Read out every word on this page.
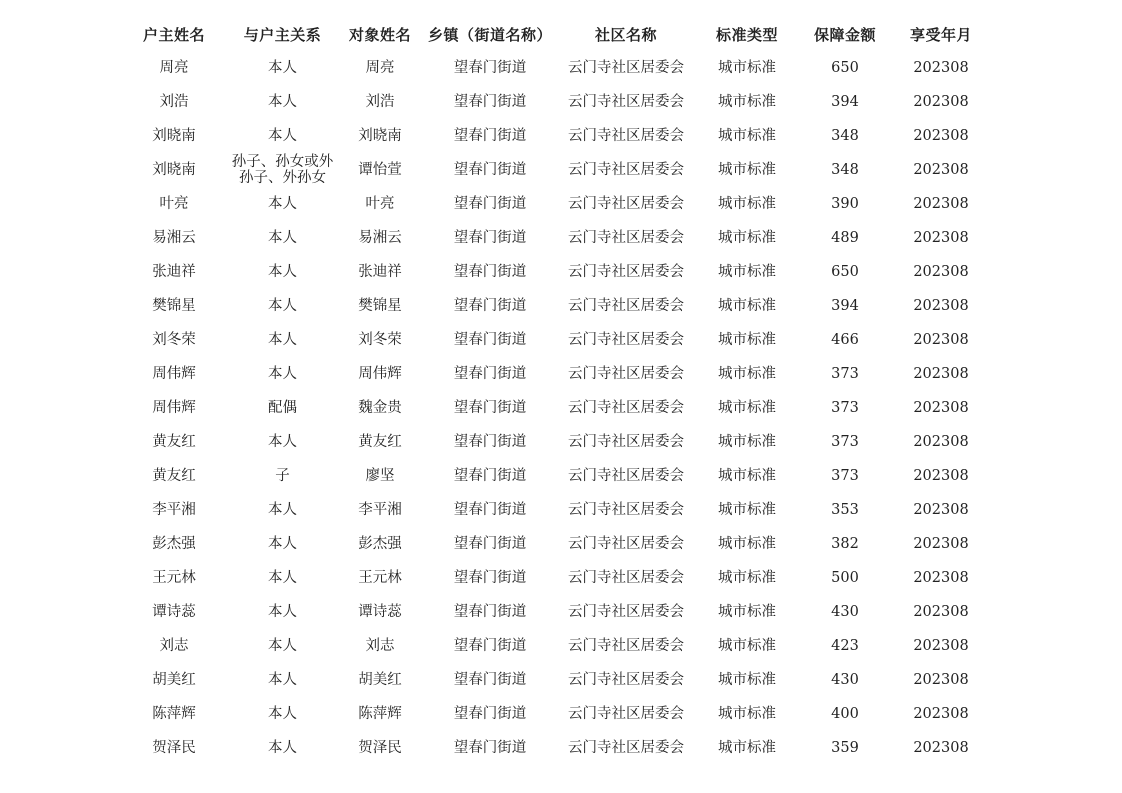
户主姓名	与户主关系	对象姓名	乡镇（街道名称）	社区名称	标准类型	保障金额	享受年月
周亮	本人	周亮	望春门街道	云门寺社区居委会	城市标准	650	202308
刘浩	本人	刘浩	望春门街道	云门寺社区居委会	城市标准	394	202308
刘晓南	本人	刘晓南	望春门街道	云门寺社区居委会	城市标准	348	202308
刘晓南	孙子、孙女或外孙子、外孙女	谭怡萱	望春门街道	云门寺社区居委会	城市标准	348	202308
叶亮	本人	叶亮	望春门街道	云门寺社区居委会	城市标准	390	202308
易湘云	本人	易湘云	望春门街道	云门寺社区居委会	城市标准	489	202308
张迪祥	本人	张迪祥	望春门街道	云门寺社区居委会	城市标准	650	202308
樊锦星	本人	樊锦星	望春门街道	云门寺社区居委会	城市标准	394	202308
刘冬荣	本人	刘冬荣	望春门街道	云门寺社区居委会	城市标准	466	202308
周伟辉	本人	周伟辉	望春门街道	云门寺社区居委会	城市标准	373	202308
周伟辉	配偶	魏金贵	望春门街道	云门寺社区居委会	城市标准	373	202308
黄友红	本人	黄友红	望春门街道	云门寺社区居委会	城市标准	373	202308
黄友红	子	廖坚	望春门街道	云门寺社区居委会	城市标准	373	202308
李平湘	本人	李平湘	望春门街道	云门寺社区居委会	城市标准	353	202308
彭杰强	本人	彭杰强	望春门街道	云门寺社区居委会	城市标准	382	202308
王元林	本人	王元林	望春门街道	云门寺社区居委会	城市标准	500	202308
谭诗蕊	本人	谭诗蕊	望春门街道	云门寺社区居委会	城市标准	430	202308
刘志	本人	刘志	望春门街道	云门寺社区居委会	城市标准	423	202308
胡美红	本人	胡美红	望春门街道	云门寺社区居委会	城市标准	430	202308
陈萍辉	本人	陈萍辉	望春门街道	云门寺社区居委会	城市标准	400	202308
贺泽民	本人	贺泽民	望春门街道	云门寺社区居委会	城市标准	359	202308
